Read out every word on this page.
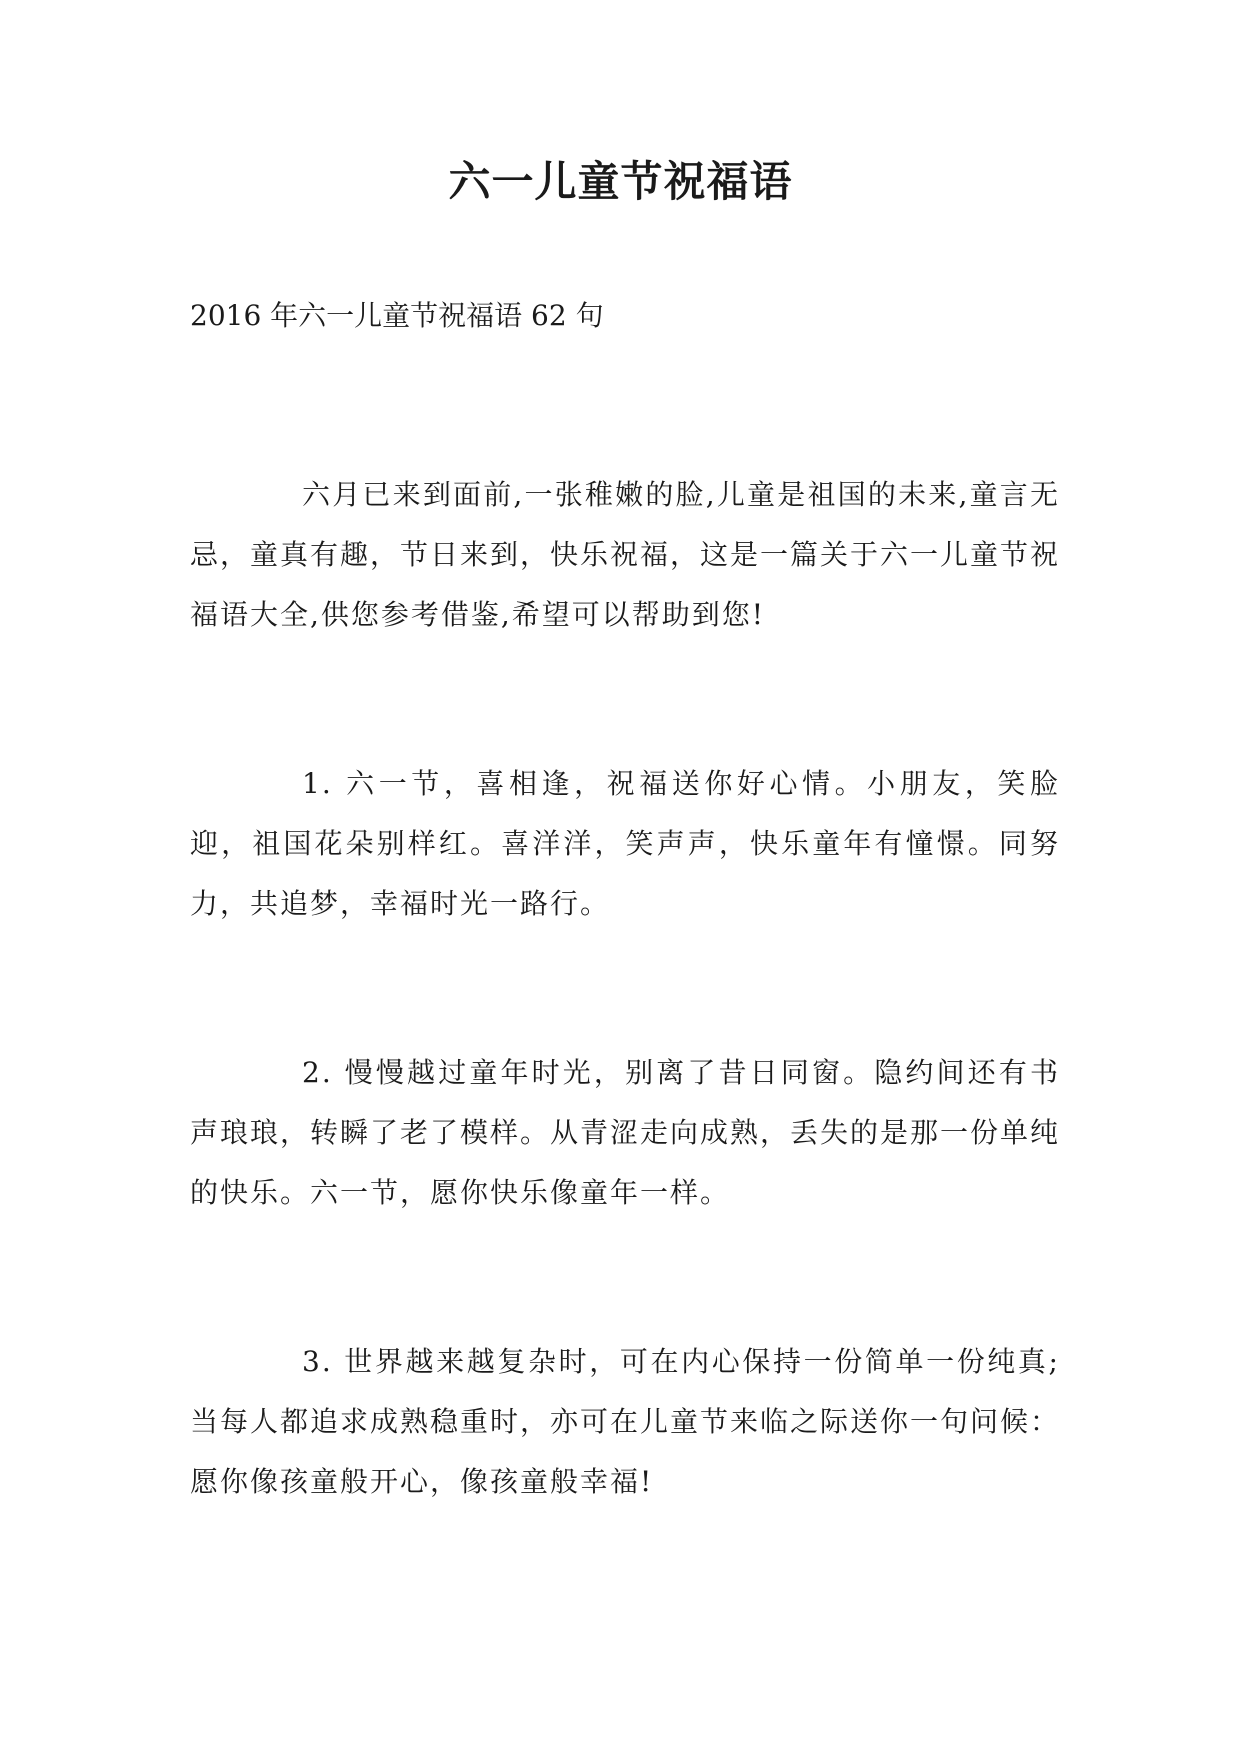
六一儿童节祝福语

2016 年六一儿童节祝福语 62 句

六月已来到面前,一张稚嫩的脸,儿童是祖国的未来,童言无忌，童真有趣，节日来到，快乐祝福，这是一篇关于六一儿童节祝福语大全,供您参考借鉴,希望可以帮助到您!

1. 六一节，喜相逢，祝福送你好心情。小朋友，笑脸迎，祖国花朵别样红。喜洋洋，笑声声，快乐童年有憧憬。同努力，共追梦，幸福时光一路行。

2. 慢慢越过童年时光，别离了昔日同窗。隐约间还有书声琅琅，转瞬了老了模样。从青涩走向成熟，丢失的是那一份单纯的快乐。六一节，愿你快乐像童年一样。

3. 世界越来越复杂时，可在内心保持一份简单一份纯真;当每人都追求成熟稳重时，亦可在儿童节来临之际送你一句问候：愿你像孩童般开心，像孩童般幸福!
